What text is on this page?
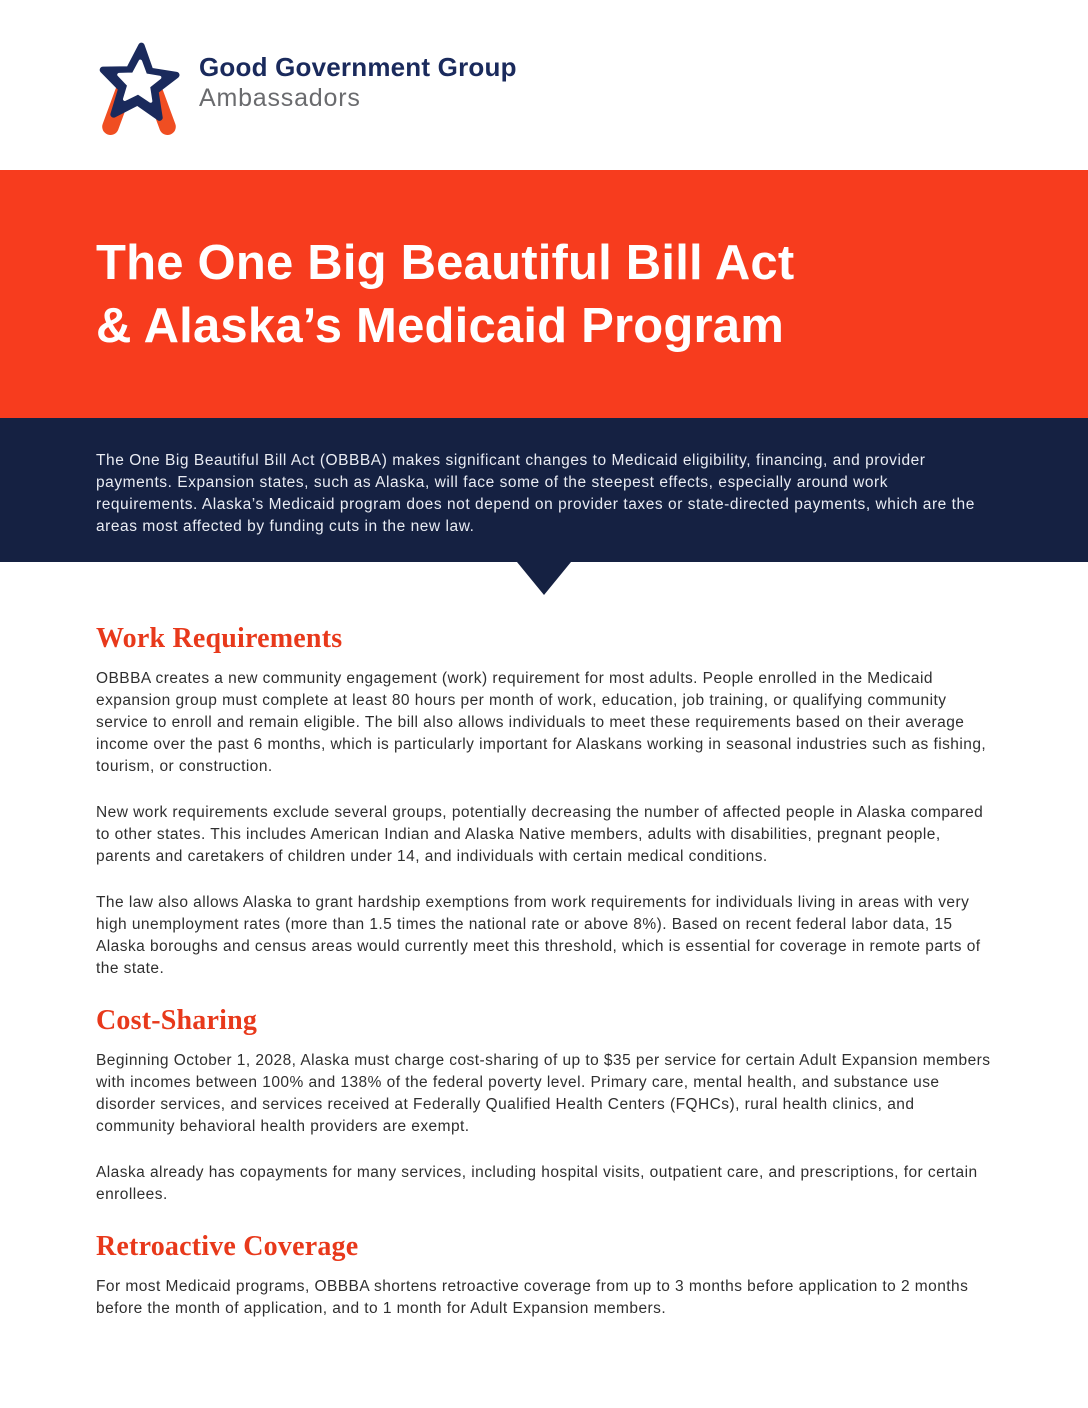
Good Government Group
Ambassadors
The One Big Beautiful Bill Act
& Alaska’s Medicaid Program
The One Big Beautiful Bill Act (OBBBA) makes significant changes to Medicaid eligibility, financing, and provider payments. Expansion states, such as Alaska, will face some of the steepest effects, especially around work requirements. Alaska’s Medicaid program does not depend on provider taxes or state-directed payments, which are the areas most affected by funding cuts in the new law.
Work Requirements

OBBBA creates a new community engagement (work) requirement for most adults. People enrolled in the Medicaid expansion group must complete at least 80 hours per month of work, education, job training, or qualifying community service to enroll and remain eligible. The bill also allows individuals to meet these requirements based on their average income over the past 6 months, which is particularly important for Alaskans working in seasonal industries such as fishing, tourism, or construction.

New work requirements exclude several groups, potentially decreasing the number of affected people in Alaska compared to other states. This includes American Indian and Alaska Native members, adults with disabilities, pregnant people, parents and caretakers of children under 14, and individuals with certain medical conditions.

The law also allows Alaska to grant hardship exemptions from work requirements for individuals living in areas with very high unemployment rates (more than 1.5 times the national rate or above 8%). Based on recent federal labor data, 15 Alaska boroughs and census areas would currently meet this threshold, which is essential for coverage in remote parts of the state.

Cost-Sharing

Beginning October 1, 2028, Alaska must charge cost-sharing of up to $35 per service for certain Adult Expansion members with incomes between 100% and 138% of the federal poverty level. Primary care, mental health, and substance use disorder services, and services received at Federally Qualified Health Centers (FQHCs), rural health clinics, and community behavioral health providers are exempt.

Alaska already has copayments for many services, including hospital visits, outpatient care, and prescriptions, for certain enrollees.

Retroactive Coverage

For most Medicaid programs, OBBBA shortens retroactive coverage from up to 3 months before application to 2 months before the month of application, and to 1 month for Adult Expansion members.
